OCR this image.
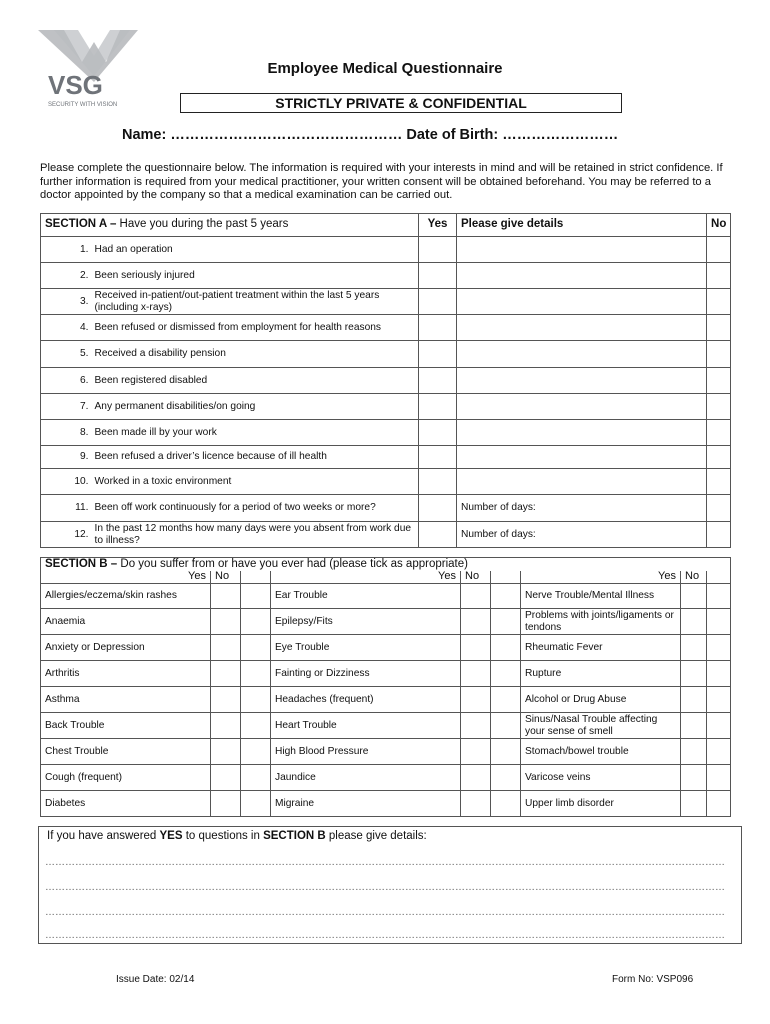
VSG
SECURITY WITH VISION
Employee Medical Questionnaire
STRICTLY PRIVATE & CONFIDENTIAL
Name: ………………………………………… Date of Birth: ……………………
Please complete the questionnaire below. The information is required with your interests in mind and will be retained in strict confidence. If further information is required from your medical practitioner, your written consent will be obtained beforehand. You may be referred to a doctor appointed by the company so that a medical examination can be carried out.
SECTION A – Have you during the past 5 years		Yes	Please give details	No
1.	Had an operation			
2.	Been seriously injured			
3.	Received in-patient/out-patient treatment within the last 5 years (including x-rays)			
4.	Been refused or dismissed from employment for health reasons			
5.	Received a disability pension			
6.	Been registered disabled			
7.	Any permanent disabilities/on going			
8.	Been made ill by your work			
9.	Been refused a driver’s licence because of ill health			
10.	Worked in a toxic environment			
11.	Been off work continuously for a period of two weeks or more?		Number of days:	
12.	In the past 12 months how many days were you absent from work due to illness?		Number of days:	
SECTION B – Do you suffer from or have you ever had (please tick as appropriate)								
Yes	No		Yes	No		Yes	No	
Allergies/eczema/skin rashes			Ear Trouble			Nerve Trouble/Mental Illness		
Anaemia			Epilepsy/Fits			Problems with joints/ligaments or tendons		
Anxiety or Depression			Eye Trouble			Rheumatic Fever		
Arthritis			Fainting or Dizziness			Rupture		
Asthma			Headaches (frequent)			Alcohol or Drug Abuse		
Back Trouble			Heart Trouble			Sinus/Nasal Trouble affecting your sense of smell		
Chest Trouble			High Blood Pressure			Stomach/bowel trouble		
Cough (frequent)			Jaundice			Varicose veins		
Diabetes			Migraine			Upper limb disorder		
If you have answered YES to questions in SECTION B please give details:
……………………………………………………………………………………………………………………………………………………………………………………
……………………………………………………………………………………………………………………………………………………………………………………
……………………………………………………………………………………………………………………………………………………………………………………
……………………………………………………………………………………………………………………………………………………………………………………
Issue Date: 02/14	Form No: VSP096
